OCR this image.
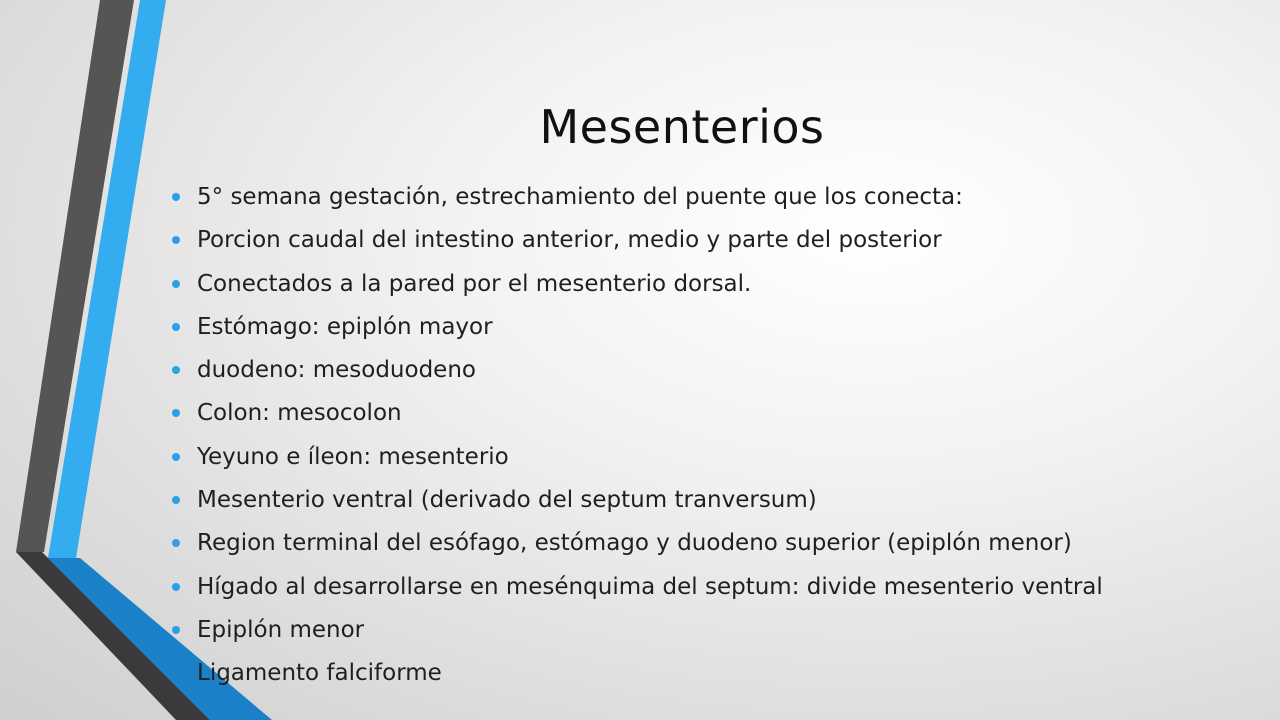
Mesenterios
5° semana gestación, estrechamiento del puente que los conecta:
Porcion caudal del intestino anterior, medio y parte del posterior
Conectados a la pared por el mesenterio dorsal.
Estómago: epiplón mayor
duodeno: mesoduodeno
Colon: mesocolon
Yeyuno e íleon: mesenterio
Mesenterio ventral (derivado del septum tranversum)
Region terminal del esófago, estómago y duodeno superior (epiplón menor)
Hígado al desarrollarse en mesénquima del septum: divide mesenterio ventral
Epiplón menor
Ligamento falciforme
